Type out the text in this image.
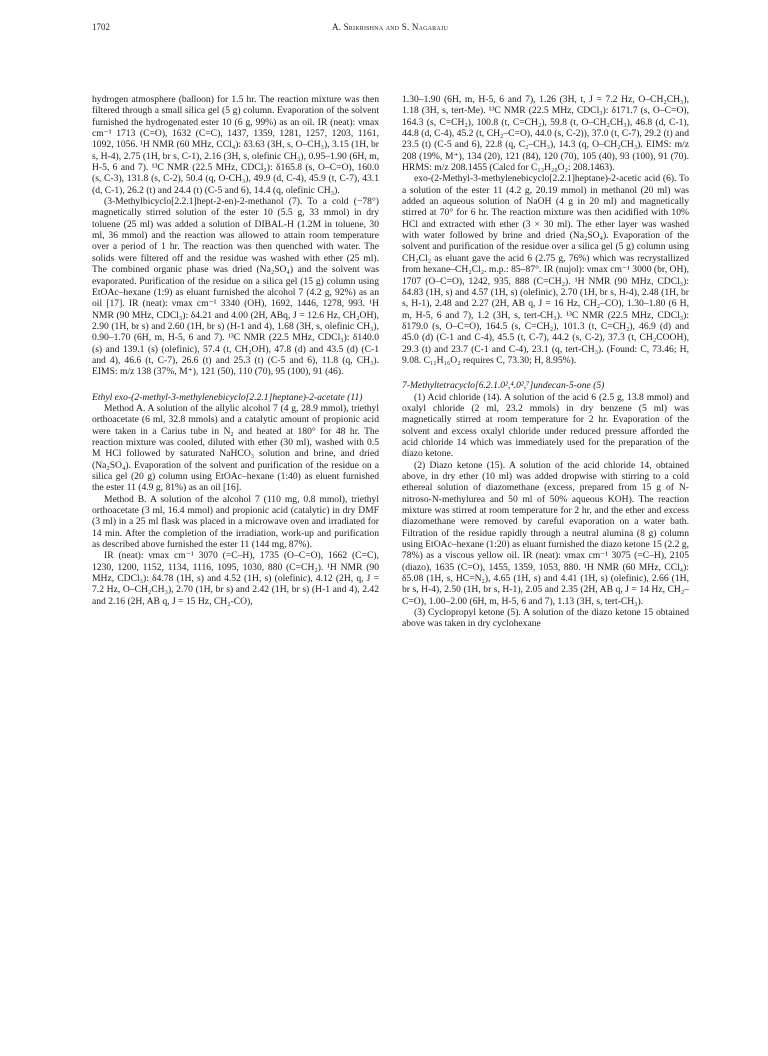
1702	A. Srikrishna and S. Nagaraju

hydrogen atmosphere (balloon) for 1.5 hr. The reaction mixture was then filtered through a small silica gel (5 g) column. Evaporation of the solvent furnished the hydrogenated ester 10 (6 g, 99%) as an oil. IR (neat): νmax cm⁻¹ 1713 (C=O), 1632 (C=C), 1437, 1359, 1281, 1257, 1203, 1161, 1092, 1056. ¹H NMR (60 MHz, CCl₄): δ3.63 (3H, s, O–CH₃), 3.15 (1H, br s, H-4), 2.75 (1H, br s, C-1), 2.16 (3H, s, olefinic CH₃), 0.95–1.90 (6H, m, H-5, 6 and 7). ¹³C NMR (22.5 MHz, CDCl₃): δ165.8 (s, O–C=O), 160.0 (s, C-3), 131.8 (s, C-2), 50.4 (q, O-CH₃), 49.9 (d, C-4), 45.9 (t, C-7), 43.1 (d, C-1), 26.2 (t) and 24.4 (t) (C-5 and 6), 14.4 (q, olefinic CH₃).

(3-Methylbicyclo[2.2.1]hept-2-en)-2-methanol (7). To a cold (−78°) magnetically stirred solution of the ester 10 (5.5 g, 33 mmol) in dry toluene (25 ml) was added a solution of DIBAL-H (1.2M in toluene, 30 ml, 36 mmol) and the reaction was allowed to attain room temperature over a period of 1 hr. The reaction was then quenched with water. The solids were filtered off and the residue was washed with ether (25 ml). The combined organic phase was dried (Na₂SO₄) and the solvent was evaporated. Purification of the residue on a silica gel (15 g) column using EtOAc–hexane (1:9) as eluant furnished the alcohol 7 (4.2 g, 92%) as an oil [17]. IR (neat): νmax cm⁻¹ 3340 (OH), 1692, 1446, 1278, 993. ¹H NMR (90 MHz, CDCl₃): δ4.21 and 4.00 (2H, ABq, J = 12.6 Hz, CH₂OH), 2.90 (1H, br s) and 2.60 (1H, br s) (H-1 and 4), 1.68 (3H, s, olefinic CH₃), 0.90–1.70 (6H, m, H-5, 6 and 7). ¹³C NMR (22.5 MHz, CDCl₃): δ140.0 (s) and 139.1 (s) (olefinic), 57.4 (t, CH₂OH), 47.8 (d) and 43.5 (d) (C-1 and 4), 46.6 (t, C-7), 26.6 (t) and 25.3 (t) (C-5 and 6), 11.8 (q, CH₃). EIMS: m/z 138 (37%, M⁺), 121 (50), 110 (70), 95 (100), 91 (46).

Ethyl exo-(2-methyl-3-methylenebicyclo[2.2.1]heptane)-2-acetate (11)

Method A. A solution of the allylic alcohol 7 (4 g, 28.9 mmol), triethyl orthoacetate (6 ml, 32.8 mmols) and a catalytic amount of propionic acid were taken in a Carius tube in N₂ and heated at 180° for 48 hr. The reaction mixture was cooled, diluted with ether (30 ml), washed with 0.5 M HCl followed by saturated NaHCO₃ solution and brine, and dried (Na₂SO₄). Evaporation of the solvent and purification of the residue on a silica gel (20 g) column using EtOAc–hexane (1:40) as eluent furnished the ester 11 (4.9 g, 81%) as an oil [16].

Method B. A solution of the alcohol 7 (110 mg, 0.8 mmol), triethyl orthoacetate (3 ml, 16.4 mmol) and propionic acid (catalytic) in dry DMF (3 ml) in a 25 ml flask was placed in a microwave oven and irradiated for 14 min. After the completion of the irradiation, work-up and purification as described above furnished the ester 11 (144 mg, 87%).

IR (neat): νmax cm⁻¹ 3070 (=C–H), 1735 (O–C=O), 1662 (C=C), 1230, 1200, 1152, 1134, 1116, 1095, 1030, 880 (C=CH₂). ¹H NMR (90 MHz, CDCl₃): δ4.78 (1H, s) and 4.52 (1H, s) (olefinic), 4.12 (2H, q, J = 7.2 Hz, O–CH₂CH₃), 2.70 (1H, br s) and 2.42 (1H, br s) (H-1 and 4), 2.42 and 2.16 (2H, AB q, J = 15 Hz, CH₂-CO),

1.30–1.90 (6H, m, H-5, 6 and 7), 1.26 (3H, t, J = 7.2 Hz, O–CH₂CH₃), 1.18 (3H, s, tert-Me). ¹³C NMR (22.5 MHz, CDCl₃): δ171.7 (s, O–C=O), 164.3 (s, C=CH₂), 100.8 (t, C=CH₂), 59.8 (t, O–CH₂CH₃), 46.8 (d, C-1), 44.8 (d, C-4), 45.2 (t, CH₂–C=O), 44.0 (s, C-2)), 37.0 (t, C-7), 29.2 (t) and 23.5 (t) (C-5 and 6), 22.8 (q, C₂–CH₃), 14.3 (q, O–CH₂CH₃). EIMS: m/z 208 (19%, M⁺), 134 (20), 121 (84), 120 (70), 105 (40), 93 (100), 91 (70). HRMS: m/z 208.1455 (Calcd for C₁₃H₂₀O₂: 208.1463).

exo-(2-Methyl-3-methylenebicyclo[2.2.1]heptane)-2-acetic acid (6). To a solution of the ester 11 (4.2 g, 20.19 mmol) in methanol (20 ml) was added an aqueous solution of NaOH (4 g in 20 ml) and magnetically stirred at 70° for 6 hr. The reaction mixture was then acidified with 10% HCl and extracted with ether (3 × 30 ml). The ether layer was washed with water followed by brine and dried (Na₂SO₄). Evaporation of the solvent and purification of the residue over a silica gel (5 g) column using CH₂Cl₂ as eluant gave the acid 6 (2.75 g, 76%) which was recrystallized from hexane–CH₂Cl₂. m.p.: 85–87°. IR (nujol): νmax cm⁻¹ 3000 (br, OH), 1707 (O–C=O), 1242, 935, 888 (C=CH₂). ¹H NMR (90 MHz, CDCl₃): δ4.83 (1H, s) and 4.57 (1H, s) (olefinic), 2.70 (1H, br s, H-4), 2.48 (1H, br s, H-1), 2.48 and 2.27 (2H, AB q, J = 16 Hz, CH₂–CO), 1.30–1.80 (6 H, m, H-5, 6 and 7), 1.2 (3H, s, tert-CH₃). ¹³C NMR (22.5 MHz, CDCl₃): δ179.0 (s, O–C=O), 164.5 (s, C=CH₂), 101.3 (t, C=CH₂), 46.9 (d) and 45.0 (d) (C-1 and C-4), 45.5 (t, C-7), 44.2 (s, C-2), 37.3 (t, CH₂COOH), 29.3 (t) and 23.7 (C-1 and C-4), 23.1 (q, tert-CH₃). (Found: C, 73.46; H, 9.08. C₁₁H₁₆O₂ requires C, 73.30; H, 8.95%).

7-Methyltetracyclo[6.2.1.0²,⁴.0²,⁷]undecan-5-one (5)

(1) Acid chloride (14). A solution of the acid 6 (2.5 g, 13.8 mmol) and oxalyl chloride (2 ml, 23.2 mmols) in dry benzene (5 ml) was magnetically stirred at room temperature for 2 hr. Evaporation of the solvent and excess oxalyl chloride under reduced pressure afforded the acid chloride 14 which was immediately used for the preparation of the diazo ketone.

(2) Diazo ketone (15). A solution of the acid chloride 14, obtained above, in dry ether (10 ml) was added dropwise with stirring to a cold ethereal solution of diazomethane (excess, prepared from 15 g of N-nitroso-N-methylurea and 50 ml of 50% aqueous KOH). The reaction mixture was stirred at room temperature for 2 hr, and the ether and excess diazomethane were removed by careful evaporation on a water bath. Filtration of the residue rapidly through a neutral alumina (8 g) column using EtOAc–hexane (1:20) as eluant furnished the diazo ketone 15 (2.2 g, 78%) as a viscous yellow oil. IR (neat): νmax cm⁻¹ 3075 (=C–H), 2105 (diazo), 1635 (C=O), 1455, 1359, 1053, 880. ¹H NMR (60 MHz, CCl₄): δ5.08 (1H, s, HC=N₂), 4.65 (1H, s) and 4.41 (1H, s) (olefinic), 2.66 (1H, br s, H-4), 2.50 (1H, br s, H-1), 2.05 and 2.35 (2H, AB q, J = 14 Hz, CH₂–C=O), 1.00–2.00 (6H, m, H-5, 6 and 7), 1.13 (3H, s, tert-CH₃).

(3) Cyclopropyl ketone (5). A solution of the diazo ketone 15 obtained above was taken in dry cyclohexane
